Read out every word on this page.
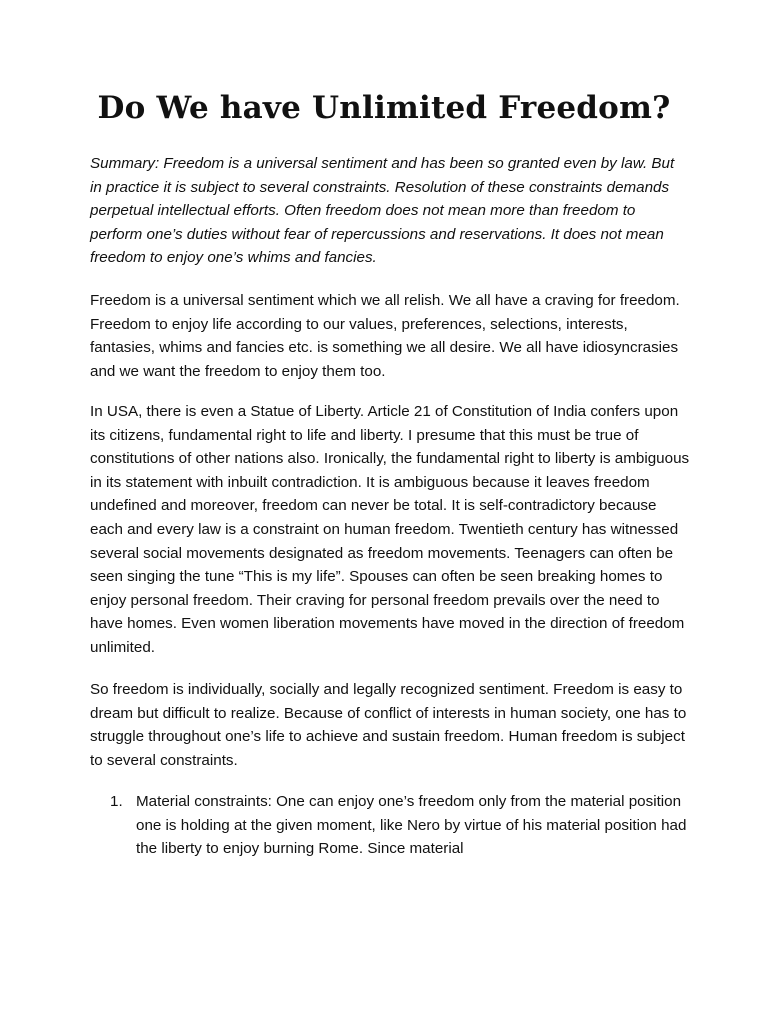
Do We have Unlimited Freedom?

Summary: Freedom is a universal sentiment and has been so granted even by law. But in practice it is subject to several constraints. Resolution of these constraints demands perpetual intellectual efforts. Often freedom does not mean more than freedom to perform one’s duties without fear of repercussions and reservations. It does not mean freedom to enjoy one’s whims and fancies.

Freedom is a universal sentiment which we all relish. We all have a craving for freedom. Freedom to enjoy life according to our values, preferences, selections, interests, fantasies, whims and fancies etc. is something we all desire. We all have idiosyncrasies and we want the freedom to enjoy them too.

In USA, there is even a Statue of Liberty. Article 21 of Constitution of India confers upon its citizens, fundamental right to life and liberty. I presume that this must be true of constitutions of other nations also. Ironically, the fundamental right to liberty is ambiguous in its statement with inbuilt contradiction. It is ambiguous because it leaves freedom undefined and moreover, freedom can never be total. It is self-contradictory because each and every law is a constraint on human freedom. Twentieth century has witnessed several social movements designated as freedom movements. Teenagers can often be seen singing the tune “This is my life”. Spouses can often be seen breaking homes to enjoy personal freedom. Their craving for personal freedom prevails over the need to have homes. Even women liberation movements have moved in the direction of freedom unlimited.

So freedom is individually, socially and legally recognized sentiment. Freedom is easy to dream but difficult to realize. Because of conflict of interests in human society, one has to struggle throughout one’s life to achieve and sustain freedom. Human freedom is subject to several constraints.

1. Material constraints: One can enjoy one’s freedom only from the material position one is holding at the given moment, like Nero by virtue of his material position had the liberty to enjoy burning Rome. Since material
